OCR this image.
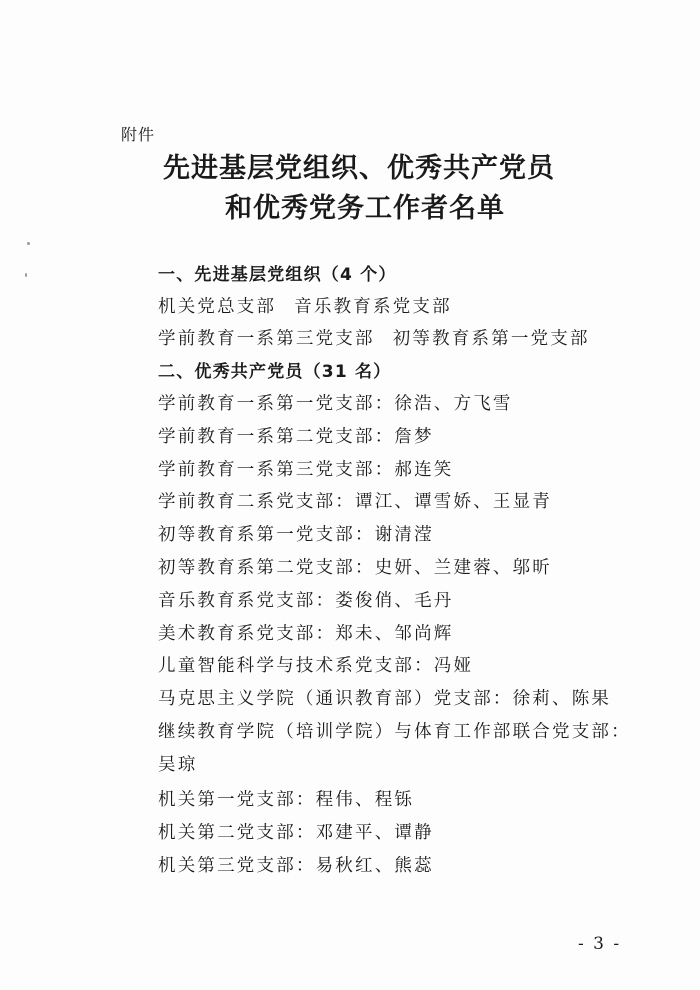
附件
先进基层党组织、优秀共产党员
和优秀党务工作者名单
一、先进基层党组织（4 个）
机关党总支部 音乐教育系党支部
学前教育一系第三党支部 初等教育系第一党支部
二、优秀共产党员（31 名）
学前教育一系第一党支部：徐浩、方飞雪
学前教育一系第二党支部：詹梦
学前教育一系第三党支部：郝连笑
学前教育二系党支部：谭江、谭雪娇、王显青
初等教育系第一党支部：谢清滢
初等教育系第二党支部：史妍、兰建蓉、邬昕
音乐教育系党支部：娄俊俏、毛丹
美术教育系党支部：郑未、邹尚辉
儿童智能科学与技术系党支部：冯娅
马克思主义学院（通识教育部）党支部：徐莉、陈果
继续教育学院（培训学院）与体育工作部联合党支部：
吴琼
机关第一党支部：程伟、程铄
机关第二党支部：邓建平、谭静
机关第三党支部：易秋红、熊蕊
- 3 -
